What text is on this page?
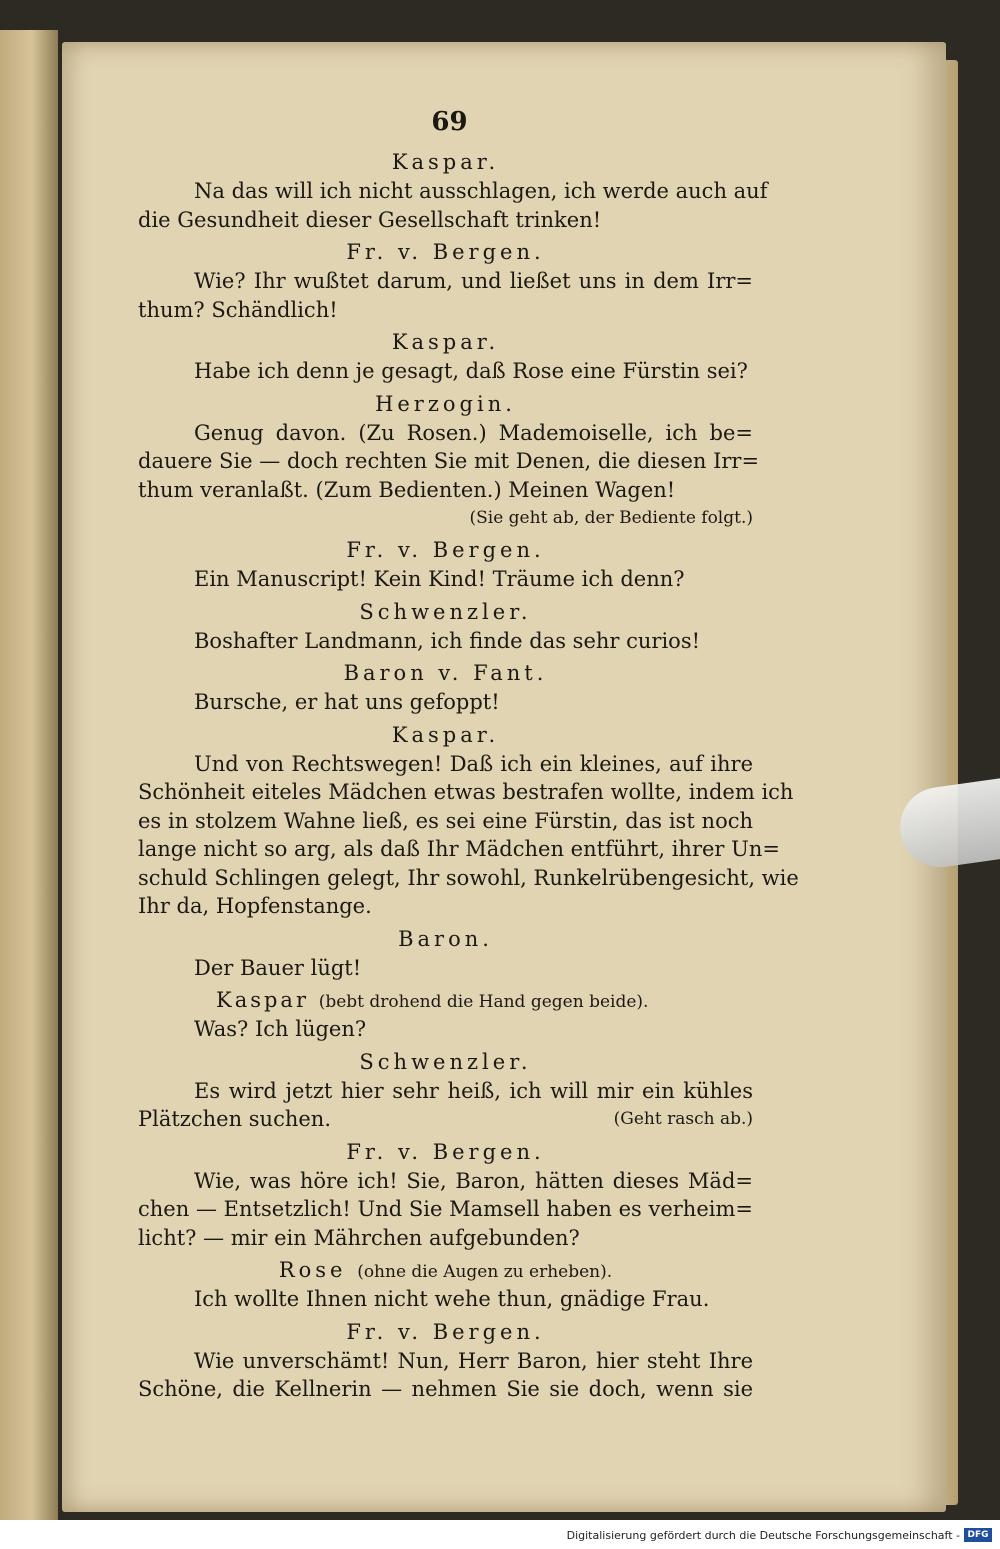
69
Kaspar.
Na das will ich nicht ausschlagen, ich werde auch auf
die Gesundheit dieser Gesellschaft trinken!
Fr. v. Bergen.
Wie? Ihr wußtet darum, und ließet uns in dem Irr=
thum? Schändlich!
Kaspar.
Habe ich denn je gesagt, daß Rose eine Fürstin sei?
Herzogin.
Genug davon. (Zu Rosen.) Mademoiselle, ich be=
dauere Sie — doch rechten Sie mit Denen, die diesen Irr=
thum veranlaßt. (Zum Bedienten.) Meinen Wagen!
(Sie geht ab, der Bediente folgt.)
Fr. v. Bergen.
Ein Manuscript! Kein Kind! Träume ich denn?
Schwenzler.
Boshafter Landmann, ich finde das sehr curios!
Baron v. Fant.
Bursche, er hat uns gefoppt!
Kaspar.
Und von Rechtswegen! Daß ich ein kleines, auf ihre
Schönheit eiteles Mädchen etwas bestrafen wollte, indem ich
es in stolzem Wahne ließ, es sei eine Fürstin, das ist noch
lange nicht so arg, als daß Ihr Mädchen entführt, ihrer Un=
schuld Schlingen gelegt, Ihr sowohl, Runkelrübengesicht, wie
Ihr da, Hopfenstange.
Baron.
Der Bauer lügt!
Kaspar (bebt drohend die Hand gegen beide).
Was? Ich lügen?
Schwenzler.
Es wird jetzt hier sehr heiß, ich will mir ein kühles
Plätzchen suchen.	(Geht rasch ab.)
Fr. v. Bergen.
Wie, was höre ich! Sie, Baron, hätten dieses Mäd=
chen — Entsetzlich! Und Sie Mamsell haben es verheim=
licht? — mir ein Mährchen aufgebunden?
Rose (ohne die Augen zu erheben).
Ich wollte Ihnen nicht wehe thun, gnädige Frau.
Fr. v. Bergen.
Wie unverschämt! Nun, Herr Baron, hier steht Ihre
Schöne, die Kellnerin — nehmen Sie sie doch, wenn sie
Digitalisierung gefördert durch die Deutsche Forschungsgemeinschaft - DFG
